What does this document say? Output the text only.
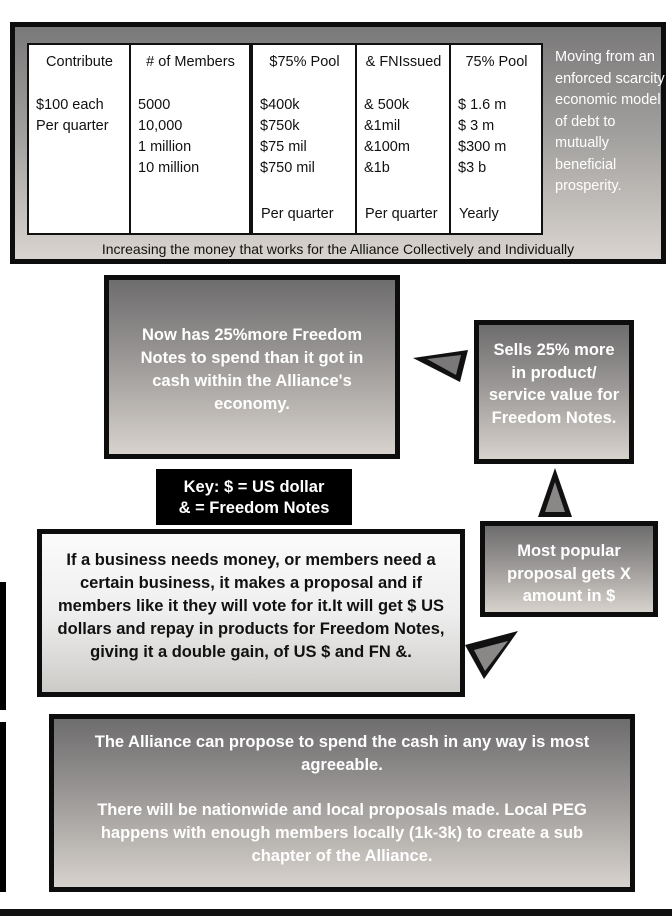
Contribute
$100 each
Per quarter
# of Members
5000
10,000
1 million
10 million
$75% Pool
$400k
$750k
$75 mil
$750 mil
Per quarter
& FNIssued
& 500k
&1mil
&100m
&1b
Per quarter
75% Pool
$ 1.6 m
$ 3 m
$300 m
$3 b
Yearly
Moving from an enforced scarcity economic model of debt to mutually beneficial prosperity.
Increasing the money that works for the Alliance Collectively and Individually
Now has 25%more Freedom Notes to spend than it got in cash within the Alliance's economy.
Sells 25% more in product/ service value for Freedom Notes.
Key: $ = US dollar
& = Freedom Notes
If a business needs money, or members need a certain business, it makes a proposal and if members like it they will vote for it.It will get $ US dollars and repay in products for Freedom Notes, giving it a double gain, of US $ and FN &.
Most popular proposal gets X amount in $
The Alliance can propose to spend the cash in any way is most agreeable.
There will be nationwide and local proposals made. Local PEG happens with enough members locally (1k-3k) to create a sub chapter of the Alliance.
